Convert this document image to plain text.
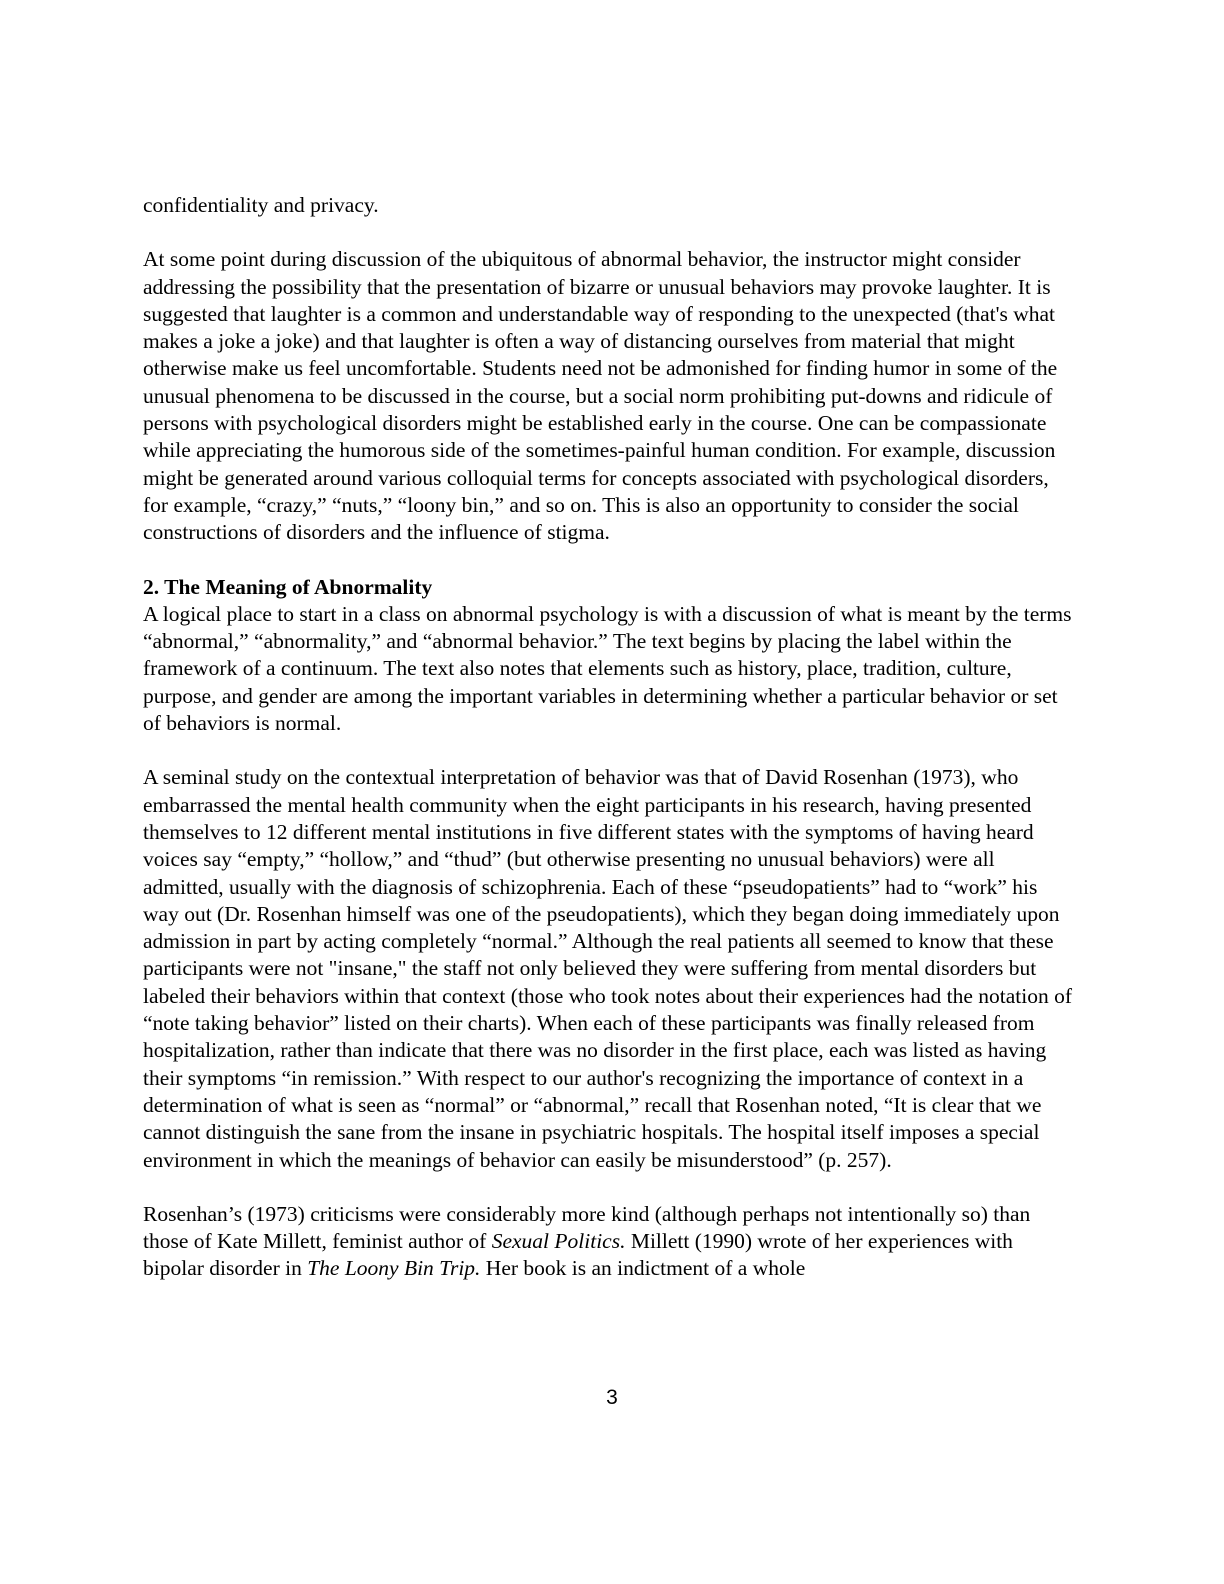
confidentiality and privacy.

At some point during discussion of the ubiquitous of abnormal behavior, the instructor might consider addressing the possibility that the presentation of bizarre or unusual behaviors may provoke laughter. It is suggested that laughter is a common and understandable way of responding to the unexpected (that's what makes a joke a joke) and that laughter is often a way of distancing ourselves from material that might otherwise make us feel uncomfortable. Students need not be admonished for finding humor in some of the unusual phenomena to be discussed in the course, but a social norm prohibiting put-downs and ridicule of persons with psychological disorders might be established early in the course. One can be compassionate while appreciating the humorous side of the sometimes-painful human condition. For example, discussion might be generated around various colloquial terms for concepts associated with psychological disorders, for example, “crazy,” “nuts,” “loony bin,” and so on. This is also an opportunity to consider the social constructions of disorders and the influence of stigma.

2. The Meaning of Abnormality

A logical place to start in a class on abnormal psychology is with a discussion of what is meant by the terms “abnormal,” “abnormality,” and “abnormal behavior.” The text begins by placing the label within the framework of a continuum. The text also notes that elements such as history, place, tradition, culture, purpose, and gender are among the important variables in determining whether a particular behavior or set of behaviors is normal.

A seminal study on the contextual interpretation of behavior was that of David Rosenhan (1973), who embarrassed the mental health community when the eight participants in his research, having presented themselves to 12 different mental institutions in five different states with the symptoms of having heard voices say “empty,” “hollow,” and “thud” (but otherwise presenting no unusual behaviors) were all admitted, usually with the diagnosis of schizophrenia. Each of these “pseudopatients” had to “work” his way out (Dr. Rosenhan himself was one of the pseudopatients), which they began doing immediately upon admission in part by acting completely “normal.” Although the real patients all seemed to know that these participants were not "insane," the staff not only believed they were suffering from mental disorders but labeled their behaviors within that context (those who took notes about their experiences had the notation of “note taking behavior” listed on their charts). When each of these participants was finally released from hospitalization, rather than indicate that there was no disorder in the first place, each was listed as having their symptoms “in remission.” With respect to our author's recognizing the importance of context in a determination of what is seen as “normal” or “abnormal,” recall that Rosenhan noted, “It is clear that we cannot distinguish the sane from the insane in psychiatric hospitals. The hospital itself imposes a special environment in which the meanings of behavior can easily be misunderstood” (p. 257).

Rosenhan’s (1973) criticisms were considerably more kind (although perhaps not intentionally so) than those of Kate Millett, feminist author of Sexual Politics. Millett (1990) wrote of her experiences with bipolar disorder in The Loony Bin Trip. Her book is an indictment of a whole

3
